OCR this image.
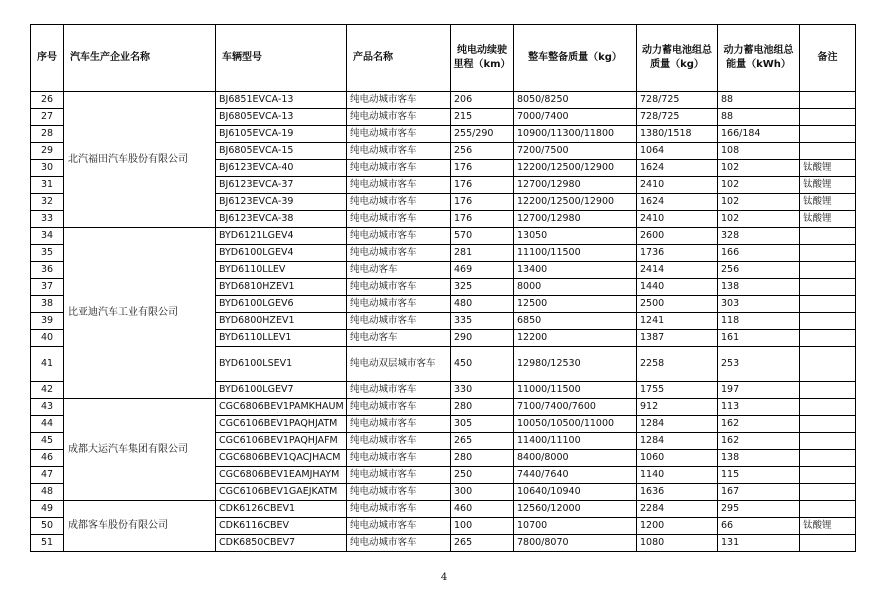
序号	汽车生产企业名称	车辆型号	产品名称	纯电动续驶里程（km）	整车整备质量（kg）	动力蓄电池组总质量（kg）	动力蓄电池组总能量（kWh）	备注
26	北汽福田汽车股份有限公司	BJ6851EVCA-13	纯电动城市客车	206	8050/8250	728/725	88	
27		BJ6805EVCA-13	纯电动城市客车	215	7000/7400	728/725	88	
28		BJ6105EVCA-19	纯电动城市客车	255/290	10900/11300/11800	1380/1518	166/184	
29		BJ6805EVCA-15	纯电动城市客车	256	7200/7500	1064	108	
30		BJ6123EVCA-40	纯电动城市客车	176	12200/12500/12900	1624	102	钛酸锂
31		BJ6123EVCA-37	纯电动城市客车	176	12700/12980	2410	102	钛酸锂
32		BJ6123EVCA-39	纯电动城市客车	176	12200/12500/12900	1624	102	钛酸锂
33		BJ6123EVCA-38	纯电动城市客车	176	12700/12980	2410	102	钛酸锂
34	比亚迪汽车工业有限公司	BYD6121LGEV4	纯电动城市客车	570	13050	2600	328	
35		BYD6100LGEV4	纯电动城市客车	281	11100/11500	1736	166	
36		BYD6110LLEV	纯电动客车	469	13400	2414	256	
37		BYD6810HZEV1	纯电动城市客车	325	8000	1440	138	
38		BYD6100LGEV6	纯电动城市客车	480	12500	2500	303	
39		BYD6800HZEV1	纯电动城市客车	335	6850	1241	118	
40		BYD6110LLEV1	纯电动客车	290	12200	1387	161	
41		BYD6100LSEV1	纯电动双层城市客车	450	12980/12530	2258	253	
42		BYD6100LGEV7	纯电动城市客车	330	11000/11500	1755	197	
43	成都大运汽车集团有限公司	CGC6806BEV1PAMKHAUM	纯电动城市客车	280	7100/7400/7600	912	113	
44		CGC6106BEV1PAQHJATM	纯电动城市客车	305	10050/10500/11000	1284	162	
45		CGC6106BEV1PAQHJAFM	纯电动城市客车	265	11400/11100	1284	162	
46		CGC6806BEV1QACJHACM	纯电动城市客车	280	8400/8000	1060	138	
47		CGC6806BEV1EAMJHAYM	纯电动城市客车	250	7440/7640	1140	115	
48		CGC6106BEV1GAEJKATM	纯电动城市客车	300	10640/10940	1636	167	
49	成都客车股份有限公司	CDK6126CBEV1	纯电动城市客车	460	12560/12000	2284	295	
50		CDK6116CBEV	纯电动城市客车	100	10700	1200	66	钛酸锂
51		CDK6850CBEV7	纯电动城市客车	265	7800/8070	1080	131	
4
